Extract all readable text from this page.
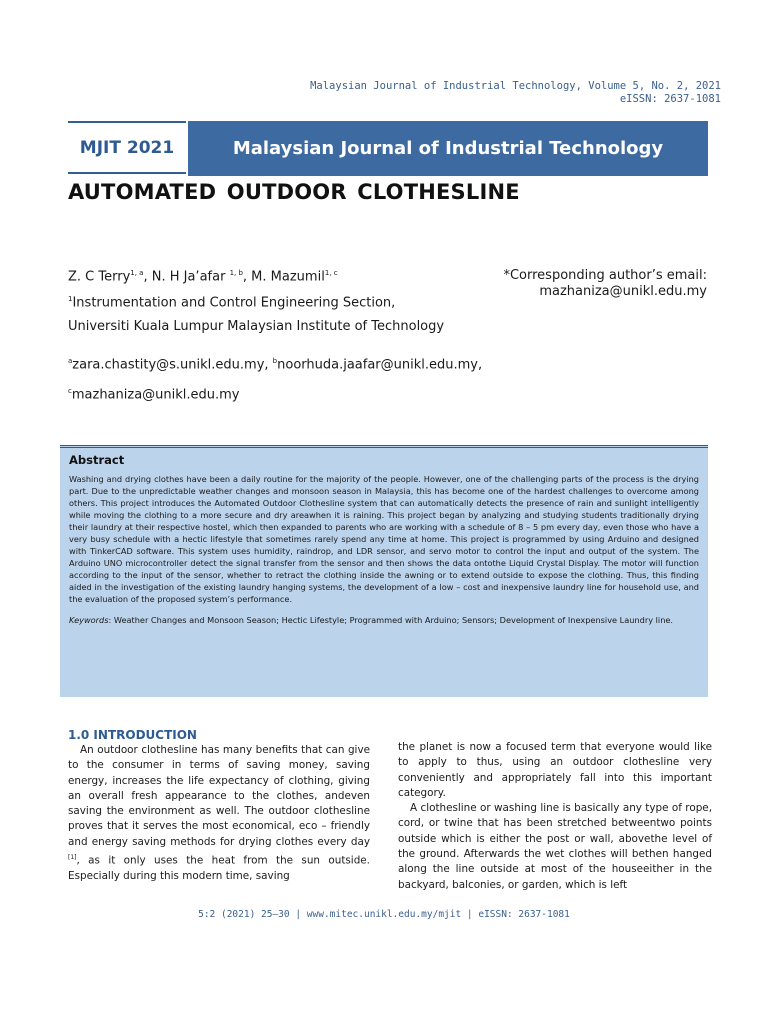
Malaysian Journal of Industrial Technology, Volume 5, No. 2, 2021
eISSN: 2637-1081
MJIT 2021	Malaysian Journal of Industrial Technology
AUTOMATED OUTDOOR CLOTHESLINE
Z. C Terry$^{1, a}$, N. H Ja’afar $^{1, b}$, M. Mazumil$^{1, c}$
$^1$Instrumentation and Control Engineering Section,
Universiti Kuala Lumpur Malaysian Institute of Technology
*Corresponding author’s email:
mazhaniza@unikl.edu.my
$^a$zara.chastity@s.unikl.edu.my, $^b$noorhuda.jaafar@unikl.edu.my,
$^c$mazhaniza@unikl.edu.my
Abstract
Washing and drying clothes have been a daily routine for the majority of the people. However, one of the challenging parts of the process is the drying part. Due to the unpredictable weather changes and monsoon season in Malaysia, this has become one of the hardest challenges to overcome among others. This project introduces the Automated Outdoor Clothesline system that can automatically detects the presence of rain and sunlight intelligently while moving the clothing to a more secure and dry areawhen it is raining. This project began by analyzing and studying students traditionally drying their laundry at their respective hostel, which then expanded to parents who are working with a schedule of 8 – 5 pm every day, even those who have a very busy schedule with a hectic lifestyle that sometimes rarely spend any time at home. This project is programmed by using Arduino and designed with TinkerCAD software. This system uses humidity, raindrop, and LDR sensor, and servo motor to control the input and output of the system. The Arduino UNO microcontroller detect the signal transfer from the sensor and then shows the data ontothe Liquid Crystal Display. The motor will function according to the input of the sensor, whether to retract the clothing inside the awning or to extend outside to expose the clothing. Thus, this finding aided in the investigation of the existing laundry hanging systems, the development of a low – cost and inexpensive laundry line for household use, and the evaluation of the proposed system’s performance.
Keywords: Weather Changes and Monsoon Season; Hectic Lifestyle; Programmed with Arduino; Sensors; Development of Inexpensive Laundry line.
1.0 INTRODUCTION

An outdoor clothesline has many benefits that can give to the consumer in terms of saving money, saving energy, increases the life expectancy of clothing, giving an overall fresh appearance to the clothes, andeven saving the environment as well. The outdoor clothesline proves that it serves the most economical, eco – friendly and energy saving methods for drying clothes every day [1], as it only uses the heat from the sun outside. Especially during this modern time, saving

the planet is now a focused term that everyone would like to apply to thus, using an outdoor clothesline very conveniently and appropriately fall into this important category.

A clothesline or washing line is basically any type of rope, cord, or twine that has been stretched betweentwo points outside which is either the post or wall, abovethe level of the ground. Afterwards the wet clothes will bethen hanged along the line outside at most of the houseeither in the backyard, balconies, or garden, which is left

5:2 (2021) 25–30 | www.mitec.unikl.edu.my/mjit | eISSN: 2637-1081
